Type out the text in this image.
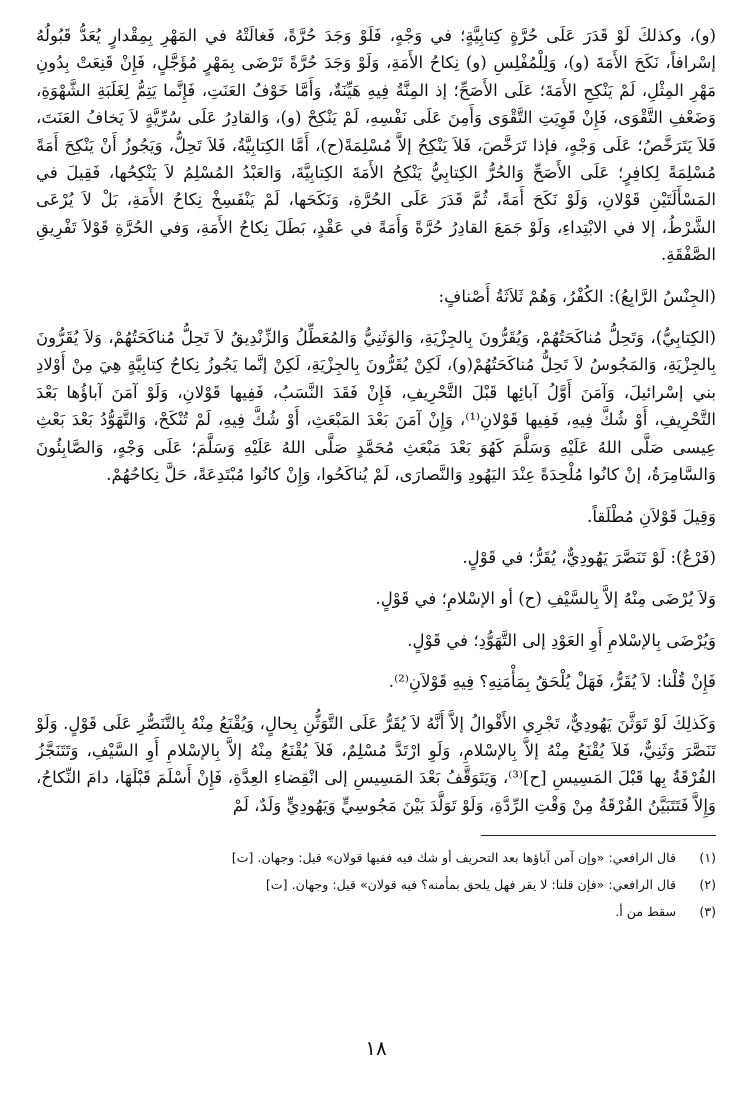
(و)، وكذلكَ لَوْ قَدَرَ عَلَى حُرَّةٍ كِتابِيَّةٍ؛ في وَجْهٍ، فَلَوْ وَجَدَ حُرَّةً، فَغالَتْهُ في المَهْرِ بِمِقْدارٍ يُعَدُّ قَبُولُهُ إسْرافاً، نَكَحَ الأَمَةَ (و)، وَلِلْمُفْلِسِ (و) نِكاحُ الأَمَةِ، وَلَوْ وَجَدَ حُرَّةً تَرْضَى بِمَهْرٍ مُؤَجَّلٍ، فَإِنْ قَنِعَتْ بِدُونِ مَهْرِ المِثْلِ، لَمْ يَنْكِحِ الأَمَةَ؛ عَلَى الأَصَحِّ؛ إذ المِنَّةُ فِيهِ هَيِّنَةٌ، وَأَمَّا خَوْفُ العَنَتِ، فَإِنَّما يَتِمُّ لِغَلَبَةِ الشَّهْوَةِ، وَضَعْفِ التَّقْوَى، فَإِنْ قَوِيَتِ التَّقْوَى وَأَمِنَ عَلَى نَفْسِهِ، لَمْ يَنْكِحْ (و)، وَالقادِرُ عَلَى سُرِّيَّةٍ لاَ يَخافُ العَنَتَ، فَلاَ يَتَرَخَّصُ؛ عَلَى وَجْهٍ، فإذا تَرَخَّصَ، فَلاَ يَنْكِحُ إلاَّ مُسْلِمَةً(ح)، أَمَّا الكِتابِيَّةُ، فَلاَ تَحِلُّ، وَيَجُوزُ أَنْ يَنْكِحَ أَمَةً مُسْلِمَةً لِكافِرٍ؛ عَلَى الأَصَحِّ وَالحُرُّ الكِتابِيُّ يَنْكِحُ الأَمَةَ الكِتابِيَّةَ، وَالعَبْدُ المُسْلِمُ لاَ يَنْكِحُها، فَقِيلَ في المَسْأَلَتَيْنِ قَوْلانِ، وَلَوْ نَكَحَ أَمَةً، ثُمَّ قَدَرَ عَلَى الحُرَّةِ، وَنَكَحَها، لَمْ يَنْفَسِخْ نِكاحُ الأَمَةِ، بَلْ لاَ يُرْعَى الشَّرْطُ، إلا في الابْتِداءِ، وَلَوْ جَمَعَ القادِرُ حُرَّةً وَأَمَةً في عَقْدٍ، بَطَلَ نِكاحُ الأَمَةِ، وَفي الحُرَّةِ قَوْلاَ تَفْرِيقِ الصَّفْقَةِ.

(الجِنْسُ الرَّابِعُ): الكُفْرُ، وَهُمْ ثَلاَثَةُ أَصْنافٍ:

(الكِتابِيُّ)، وَتَحِلُّ مُناكَحَتُهُمْ، وَيُقَرُّونَ بِالجِزْيَةِ، وَالوَثَنِيُّ وَالمُعَطِّلُ وَالزِّنْدِيقُ لاَ تَحِلُّ مُناكَحَتُهُمْ، وَلاَ يُقَرُّونَ بِالجِزْيَةِ، وَالمَجُوسُ لاَ تَحِلُّ مُناكَحَتُهُمْ(و)، لَكِنْ يُقَرُّونَ بِالجِزْيَةِ، لَكِنْ إنَّما يَجُوزُ نِكاحُ كِتابِيَّةٍ هِيَ مِنْ أَوْلادِ بني إسْرائيلَ، وَآمَنَ أَوَّلُ آبائِها قَبْلَ التَّحْرِيفِ، فَإِنْ فَقَدَ النَّسَبُ، فَفِيها قَوْلانِ، وَلَوْ آمَنَ آباؤُها بَعْدَ التَّحْرِيفِ، أَوْ شُكَّ فِيهِ، فَفِيها قَوْلانِ⁽¹⁾، وَإِنْ آمَنَ بَعْدَ المَبْعَثِ، أَوْ شُكَّ فِيهِ، لَمْ تُنْكَحْ، وَالتَّهَوُّدُ بَعْدَ بَعْثِ عِيسى صَلَّى اللهُ عَلَيْهِ وَسَلَّمَ كَهُوَ بَعْدَ مَبْعَثِ مُحَمَّدٍ صَلَّى اللهُ عَلَيْهِ وَسَلَّمَ؛ عَلَى وَجْهٍ، وَالصَّابِئُونَ وَالسَّامِرَةُ، إنْ كانُوا مُلْحِدَةً عِنْدَ اليَهُودِ وَالنَّصارَى، لَمْ يُناكَحُوا، وَإِنْ كانُوا مُبْتَدِعَةً، حَلَّ نِكاحُهُمْ.

وَقِيلَ قَوْلاَنِ مُطْلَقاً.

(فَرْعٌ): لَوْ تَنَصَّرَ يَهُودِيٌّ، يُقَرُّ؛ في قَوْلٍ.

وَلاَ يُرْضَى مِنْهُ إلاَّ بِالسَّيْفِ (ح) أو الإسْلامِ؛ في قَوْلٍ.

وَيُرْضَى بِالإسْلامِ أَوِ العَوْدِ إلى التَّهَوُّدِ؛ في قَوْلٍ.

فَإِنْ قُلْنا: لاَ يُقَرُّ، فَهَلْ يُلْحَقُ بِمَأْمَنِهِ؟ فِيهِ قَوْلاَنِ⁽²⁾.

وَكَذلِكَ لَوْ تَوَثَّنَ يَهُودِيٌّ، تَجْرِي الأَقْوالُ إلاَّ أَنَّهُ لاَ يُقَرُّ عَلَى التَّوَثُّنِ بِحالٍ، وَيُقْنَعُ مِنْهُ بِالتَّنَصُّرِ عَلَى قَوْلٍ. وَلَوْ تَنَصَّرَ وَثَنِيٌّ، فَلاَ يُقْنَعُ مِنْهُ إلاَّ بِالإسْلامِ، وَلَوِ ارْتَدَّ مُسْلِمٌ، فَلاَ يُقْنَعُ مِنْهُ إلاَّ بِالإسْلامِ أَوِ السَّيْفِ، وَتَتَنَجَّزُ الفُرْقَةُ بِها قَبْلَ المَسِيسِ [ح]⁽³⁾، وَيَتَوَقَّفُ بَعْدَ المَسِيسِ إلى انْقِضاءِ العِدَّةِ، فَإِنْ أَسْلَمَ قَبْلَهَا، دامَ النِّكاحُ، وَإِلاَّ فَتَتَبَيَّنُ الفُرْقَةُ مِنْ وَقْتِ الرِّدَّةِ، وَلَوْ تَوَلَّدَ بَيْنَ مَجُوسِيٍّ وَيَهُودِيٍّ وَلَدٌ، لَمْ

(١)
قال الرافعي: «وإن آمن آباؤها بعد التحريف أو شك فيه ففيها قولان» قيل: وجهان. [ت]
(٢)
قال الرافعي: «فإن قلنا: لا يقر فهل يلحق بمأمنه؟ فيه قولان» قيل: وجهان. [ت]
(٣)
سقط من أ.
١٨
